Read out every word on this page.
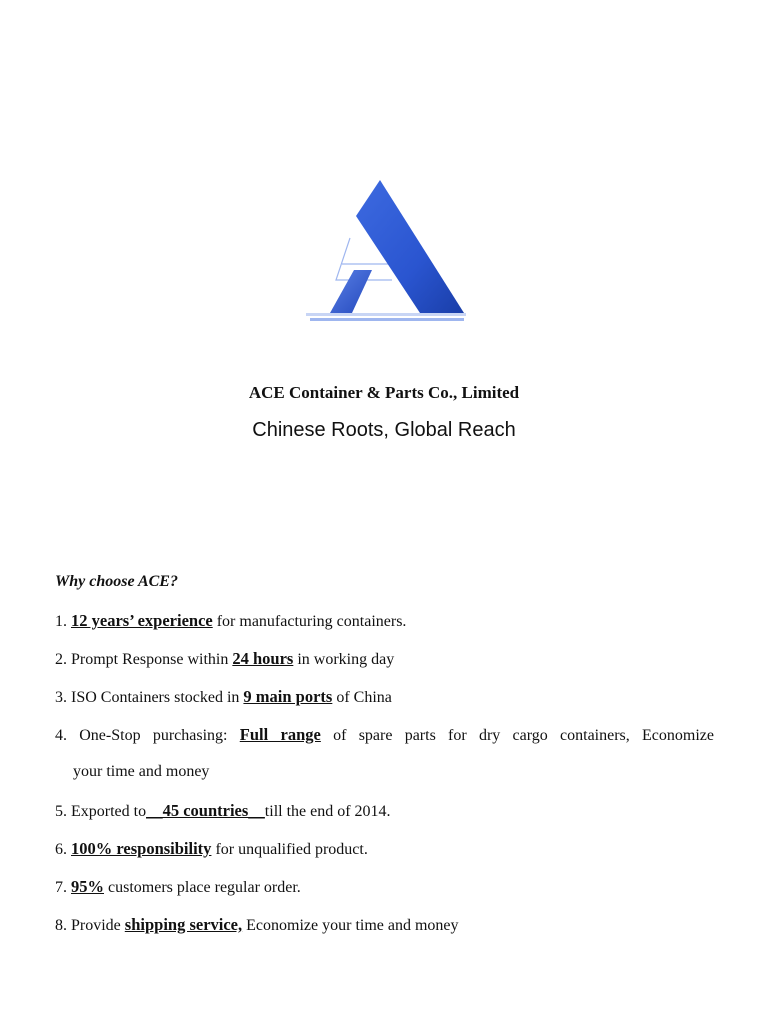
ACE Container & Parts Co., Limited
Chinese Roots, Global Reach
Why choose ACE?
1. 12 years’ experience for manufacturing containers.
2. Prompt Response within 24 hours in working day
3. ISO Containers stocked in 9 main ports of China
4. One-Stop purchasing: Full range of spare parts for dry cargo containers, Economize
your time and money
5. Exported to__45 countries__till the end of 2014.
6. 100% responsibility for unqualified product.
7. 95% customers place regular order.
8. Provide shipping service, Economize your time and money
